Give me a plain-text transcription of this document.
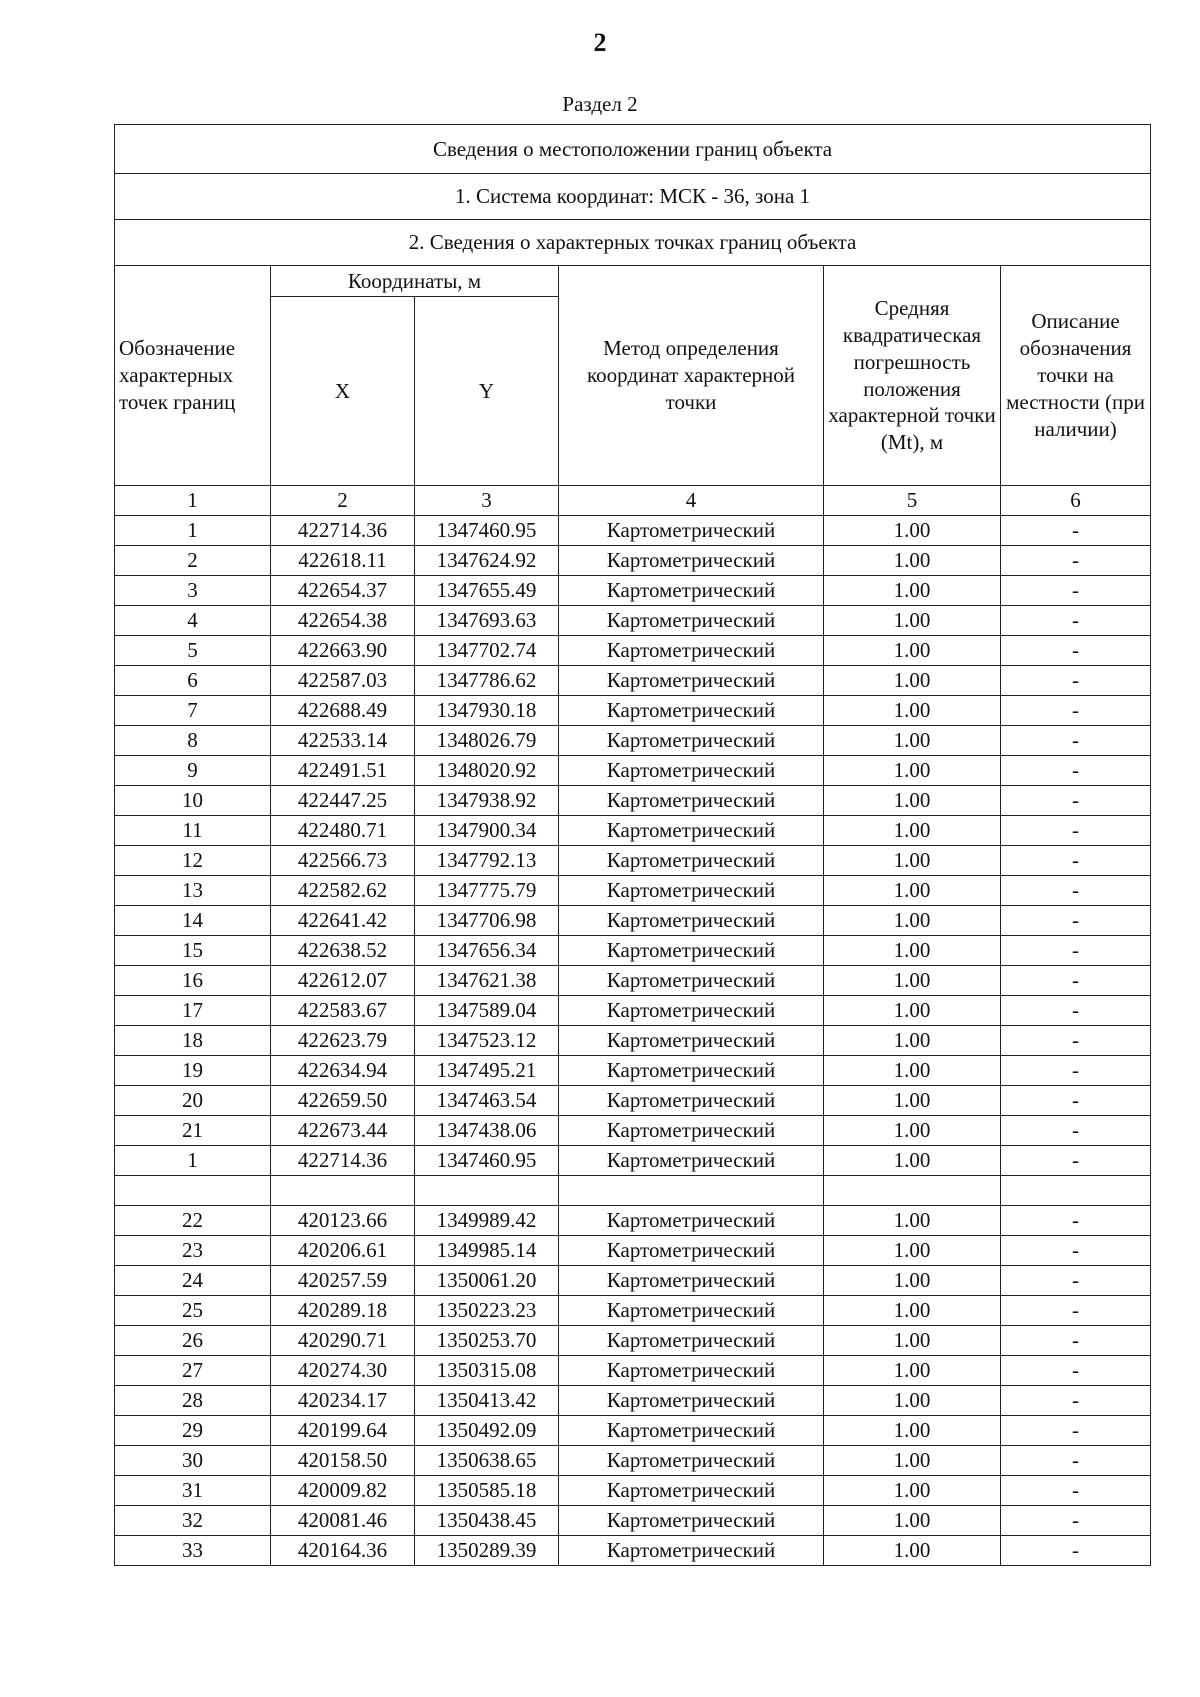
2
Раздел 2
Сведения о местоположении границ объекта					
1. Система координат: МСК - 36, зона 1					
2. Сведения о характерных точках границ объекта					
Обозначение характерных точек границ	Координаты, м		Метод определения координат характерной точки	Средняя квадратическая погрешность положения характерной точки (Mt), м	Описание обозначения точки на местности (при наличии)
	X	Y			
1	2	3	4	5	6
1	422714.36	1347460.95	Картометрический	1.00	-
2	422618.11	1347624.92	Картометрический	1.00	-
3	422654.37	1347655.49	Картометрический	1.00	-
4	422654.38	1347693.63	Картометрический	1.00	-
5	422663.90	1347702.74	Картометрический	1.00	-
6	422587.03	1347786.62	Картометрический	1.00	-
7	422688.49	1347930.18	Картометрический	1.00	-
8	422533.14	1348026.79	Картометрический	1.00	-
9	422491.51	1348020.92	Картометрический	1.00	-
10	422447.25	1347938.92	Картометрический	1.00	-
11	422480.71	1347900.34	Картометрический	1.00	-
12	422566.73	1347792.13	Картометрический	1.00	-
13	422582.62	1347775.79	Картометрический	1.00	-
14	422641.42	1347706.98	Картометрический	1.00	-
15	422638.52	1347656.34	Картометрический	1.00	-
16	422612.07	1347621.38	Картометрический	1.00	-
17	422583.67	1347589.04	Картометрический	1.00	-
18	422623.79	1347523.12	Картометрический	1.00	-
19	422634.94	1347495.21	Картометрический	1.00	-
20	422659.50	1347463.54	Картометрический	1.00	-
21	422673.44	1347438.06	Картометрический	1.00	-
1	422714.36	1347460.95	Картометрический	1.00	-

22	420123.66	1349989.42	Картометрический	1.00	-
23	420206.61	1349985.14	Картометрический	1.00	-
24	420257.59	1350061.20	Картометрический	1.00	-
25	420289.18	1350223.23	Картометрический	1.00	-
26	420290.71	1350253.70	Картометрический	1.00	-
27	420274.30	1350315.08	Картометрический	1.00	-
28	420234.17	1350413.42	Картометрический	1.00	-
29	420199.64	1350492.09	Картометрический	1.00	-
30	420158.50	1350638.65	Картометрический	1.00	-
31	420009.82	1350585.18	Картометрический	1.00	-
32	420081.46	1350438.45	Картометрический	1.00	-
33	420164.36	1350289.39	Картометрический	1.00	-
